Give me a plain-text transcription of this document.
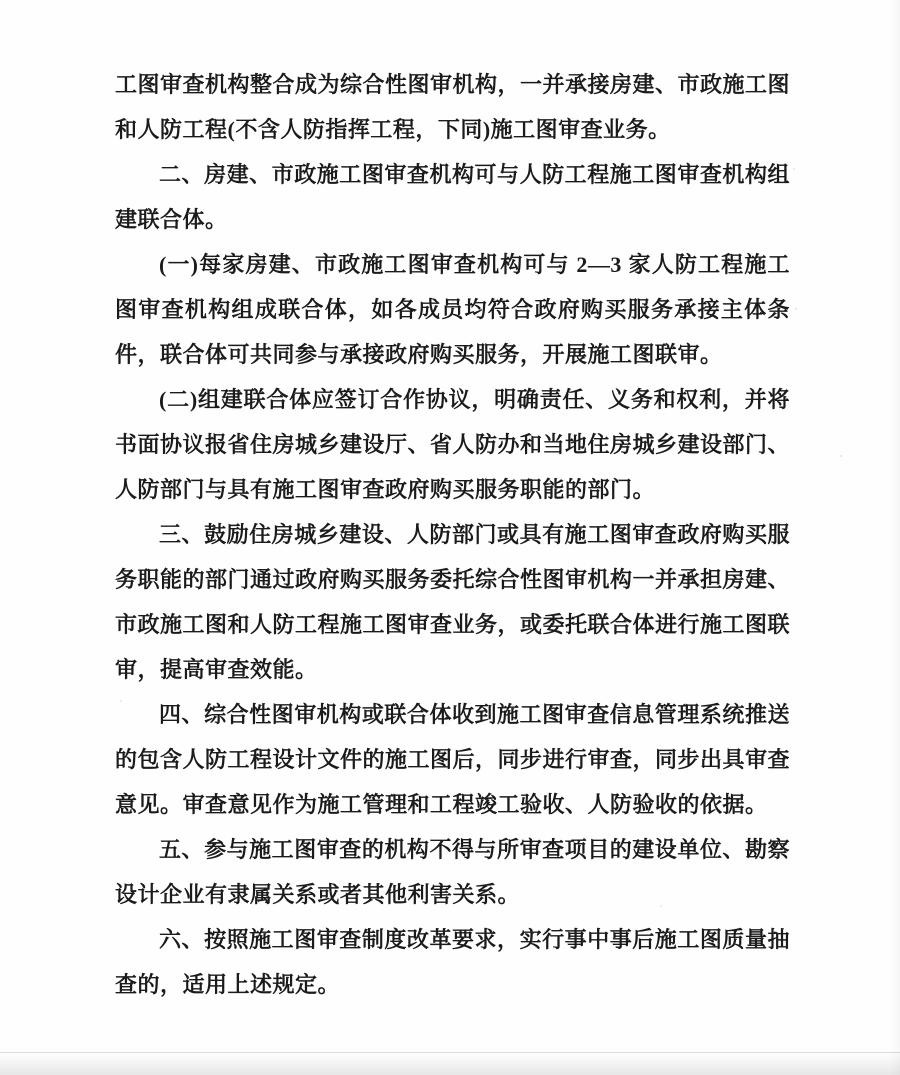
工图审查机构整合成为综合性图审机构，一并承接房建、市政施工图和人防工程(不含人防指挥工程，下同)施工图审查业务。

二、房建、市政施工图审查机构可与人防工程施工图审查机构组建联合体。

(一)每家房建、市政施工图审查机构可与 2—3 家人防工程施工图审查机构组成联合体，如各成员均符合政府购买服务承接主体条件，联合体可共同参与承接政府购买服务，开展施工图联审。

(二)组建联合体应签订合作协议，明确责任、义务和权利，并将书面协议报省住房城乡建设厅、省人防办和当地住房城乡建设部门、人防部门与具有施工图审查政府购买服务职能的部门。

三、鼓励住房城乡建设、人防部门或具有施工图审查政府购买服务职能的部门通过政府购买服务委托综合性图审机构一并承担房建、市政施工图和人防工程施工图审查业务，或委托联合体进行施工图联审，提高审查效能。

四、综合性图审机构或联合体收到施工图审查信息管理系统推送的包含人防工程设计文件的施工图后，同步进行审查，同步出具审查意见。审查意见作为施工管理和工程竣工验收、人防验收的依据。

五、参与施工图审查的机构不得与所审查项目的建设单位、勘察设计企业有隶属关系或者其他利害关系。

六、按照施工图审查制度改革要求，实行事中事后施工图质量抽查的，适用上述规定。
